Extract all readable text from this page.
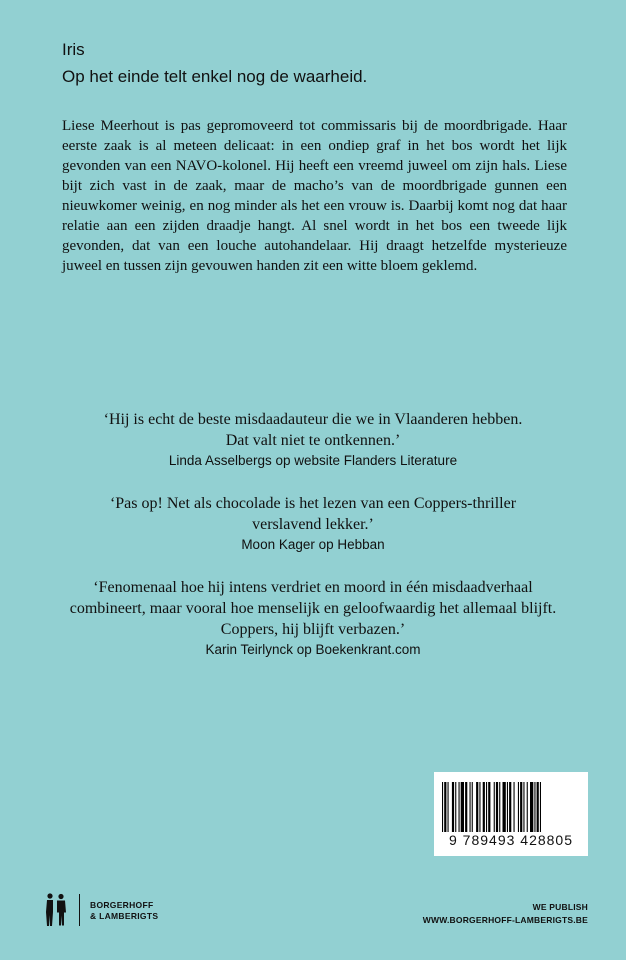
Iris
Op het einde telt enkel nog de waarheid.

Liese Meerhout is pas gepromoveerd tot commissaris bij de moordbrigade. Haar eerste zaak is al meteen delicaat: in een ondiep graf in het bos wordt het lijk gevonden van een NAVO-kolonel. Hij heeft een vreemd juweel om zijn hals. Liese bijt zich vast in de zaak, maar de macho’s van de moordbrigade gunnen een nieuwkomer weinig, en nog minder als het een vrouw is. Daarbij komt nog dat haar relatie aan een zijden draadje hangt. Al snel wordt in het bos een tweede lijk gevonden, dat van een louche autohandelaar. Hij draagt hetzelfde mysterieuze juweel en tussen zijn gevouwen handen zit een witte bloem geklemd.

‘Hij is echt de beste misdaadauteur die we in Vlaanderen hebben.

Dat valt niet te ontkennen.’

Linda Asselbergs op website Flanders Literature

‘Pas op! Net als chocolade is het lezen van een Coppers-thriller

verslavend lekker.’

Moon Kager op Hebban

‘Fenomenaal hoe hij intens verdriet en moord in één misdaadverhaal

combineert, maar vooral hoe menselijk en geloofwaardig het allemaal blijft.

Coppers, hij blijft verbazen.’

Karin Teirlynck op Boekenkrant.com

9 789493 428805
BORGERHOFF
& LAMBERIGTS
WE PUBLISH
WWW.BORGERHOFF-LAMBERIGTS.BE
